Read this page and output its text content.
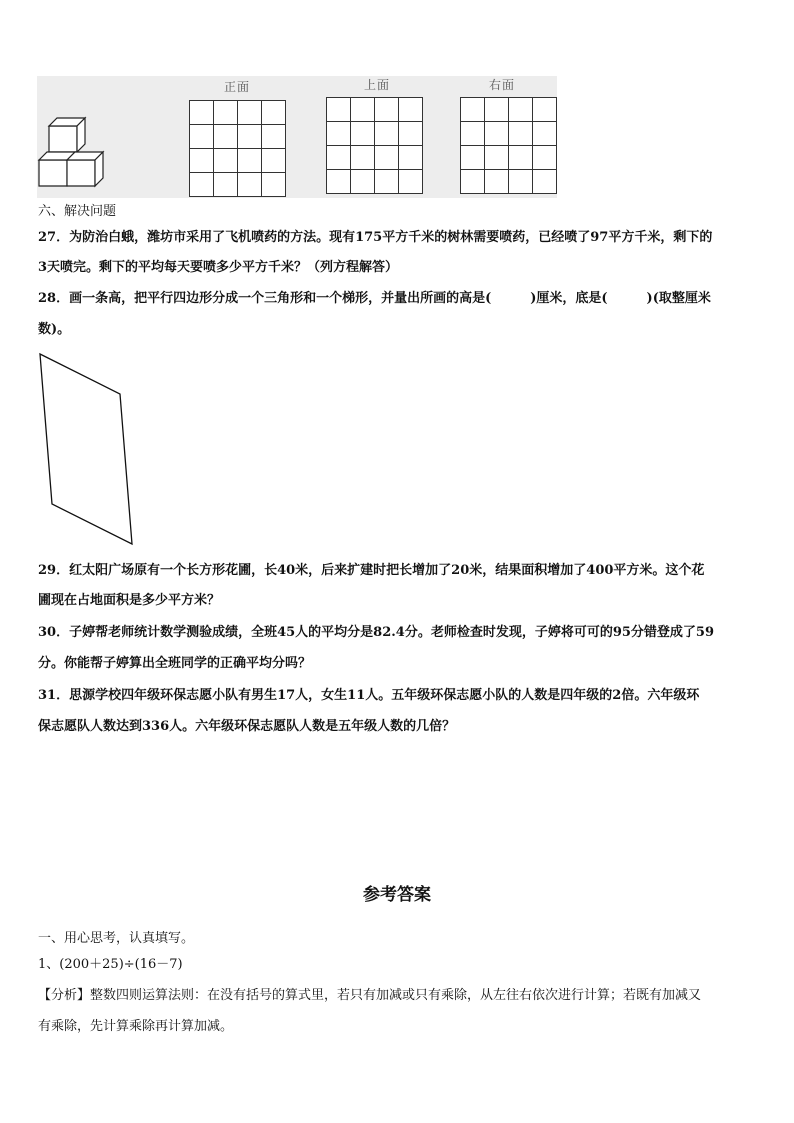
正面	上面	右面
六、解决问题
27．为防治白蛾，潍坊市采用了飞机喷药的方法。现有175平方千米的树林需要喷药，已经喷了97平方千米，剩下的
3天喷完。剩下的平均每天要喷多少平方千米？（列方程解答）
28．画一条高，把平行四边形分成一个三角形和一个梯形，并量出所画的高是(　　　)厘米，底是(　　　)(取整厘米
数)。
29．红太阳广场原有一个长方形花圃，长40米，后来扩建时把长增加了20米，结果面积增加了400平方米。这个花
圃现在占地面积是多少平方米？
30．子婷帮老师统计数学测验成绩，全班45人的平均分是82.4分。老师检查时发现，子婷将可可的95分错登成了59
分。你能帮子婷算出全班同学的正确平均分吗？
31．思源学校四年级环保志愿小队有男生17人，女生11人。五年级环保志愿小队的人数是四年级的2倍。六年级环
保志愿队人数达到336人。六年级环保志愿队人数是五年级人数的几倍？
参考答案
一、用心思考，认真填写。
1、(200＋25)÷(16－7)
【分析】整数四则运算法则：在没有括号的算式里，若只有加减或只有乘除，从左往右依次进行计算；若既有加减又
有乘除，先计算乘除再计算加减。
